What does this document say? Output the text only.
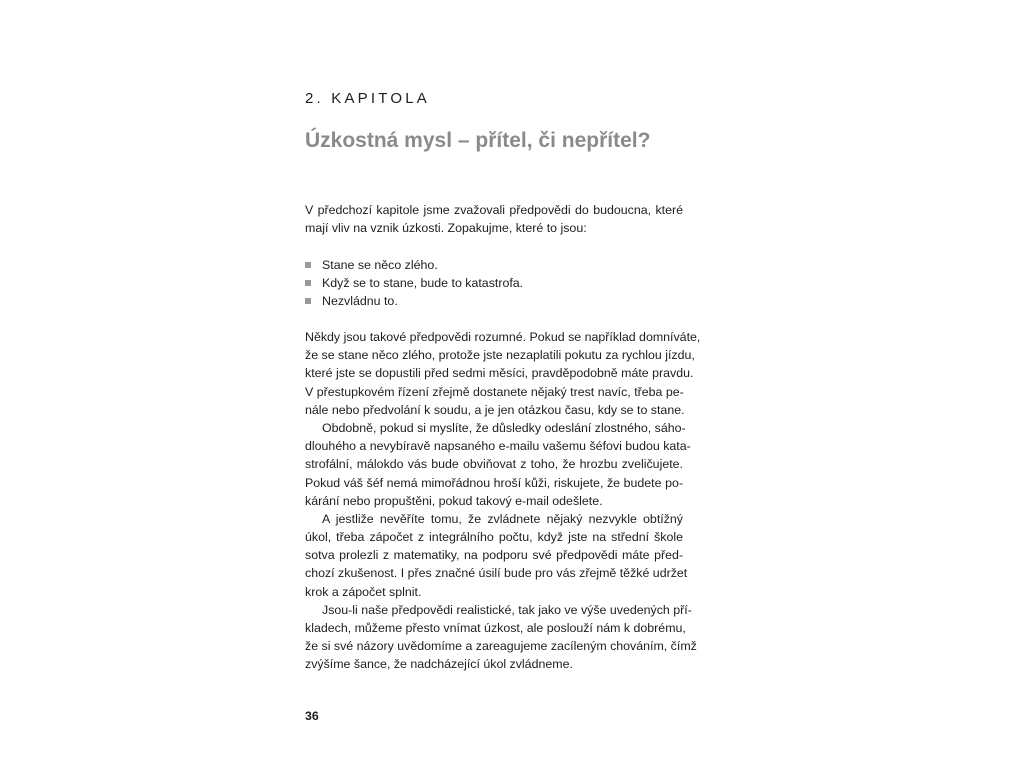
2. KAPITOLA
Úzkostná mysl – přítel, či nepřítel?
V předchozí kapitole jsme zvažovali předpovědi do budoucna, které
mají vliv na vznik úzkosti. Zopakujme, které to jsou:
Stane se něco zlého.
Když se to stane, bude to katastrofa.
Nezvládnu to.
Někdy jsou takové předpovědi rozumné. Pokud se například domníváte,
že se stane něco zlého, protože jste nezaplatili pokutu za rychlou jízdu,
které jste se dopustili před sedmi měsíci, pravděpodobně máte pravdu.
V přestupkovém řízení zřejmě dostanete nějaký trest navíc, třeba pe-
nále nebo předvolání k soudu, a je jen otázkou času, kdy se to stane.
Obdobně, pokud si myslíte, že důsledky odeslání zlostného, sáho-
dlouhého a nevybíravě napsaného e-mailu vašemu šéfovi budou kata-
strofální, málokdo vás bude obviňovat z toho, že hrozbu zveličujete.
Pokud váš šéf nemá mimořádnou hroší kůži, riskujete, že budete po-
kárání nebo propuštěni, pokud takový e-mail odešlete.
A jestliže nevěříte tomu, že zvládnete nějaký nezvykle obtížný
úkol, třeba zápočet z integrálního počtu, když jste na střední škole
sotva prolezli z matematiky, na podporu své předpovědi máte před-
chozí zkušenost. I přes značné úsilí bude pro vás zřejmě těžké udržet
krok a zápočet splnit.
Jsou-li naše předpovědi realistické, tak jako ve výše uvedených pří-
kladech, můžeme přesto vnímat úzkost, ale poslouží nám k dobrému,
že si své názory uvědomíme a zareagujeme zacíleným chováním, čímž
zvýšíme šance, že nadcházející úkol zvládneme.
36
